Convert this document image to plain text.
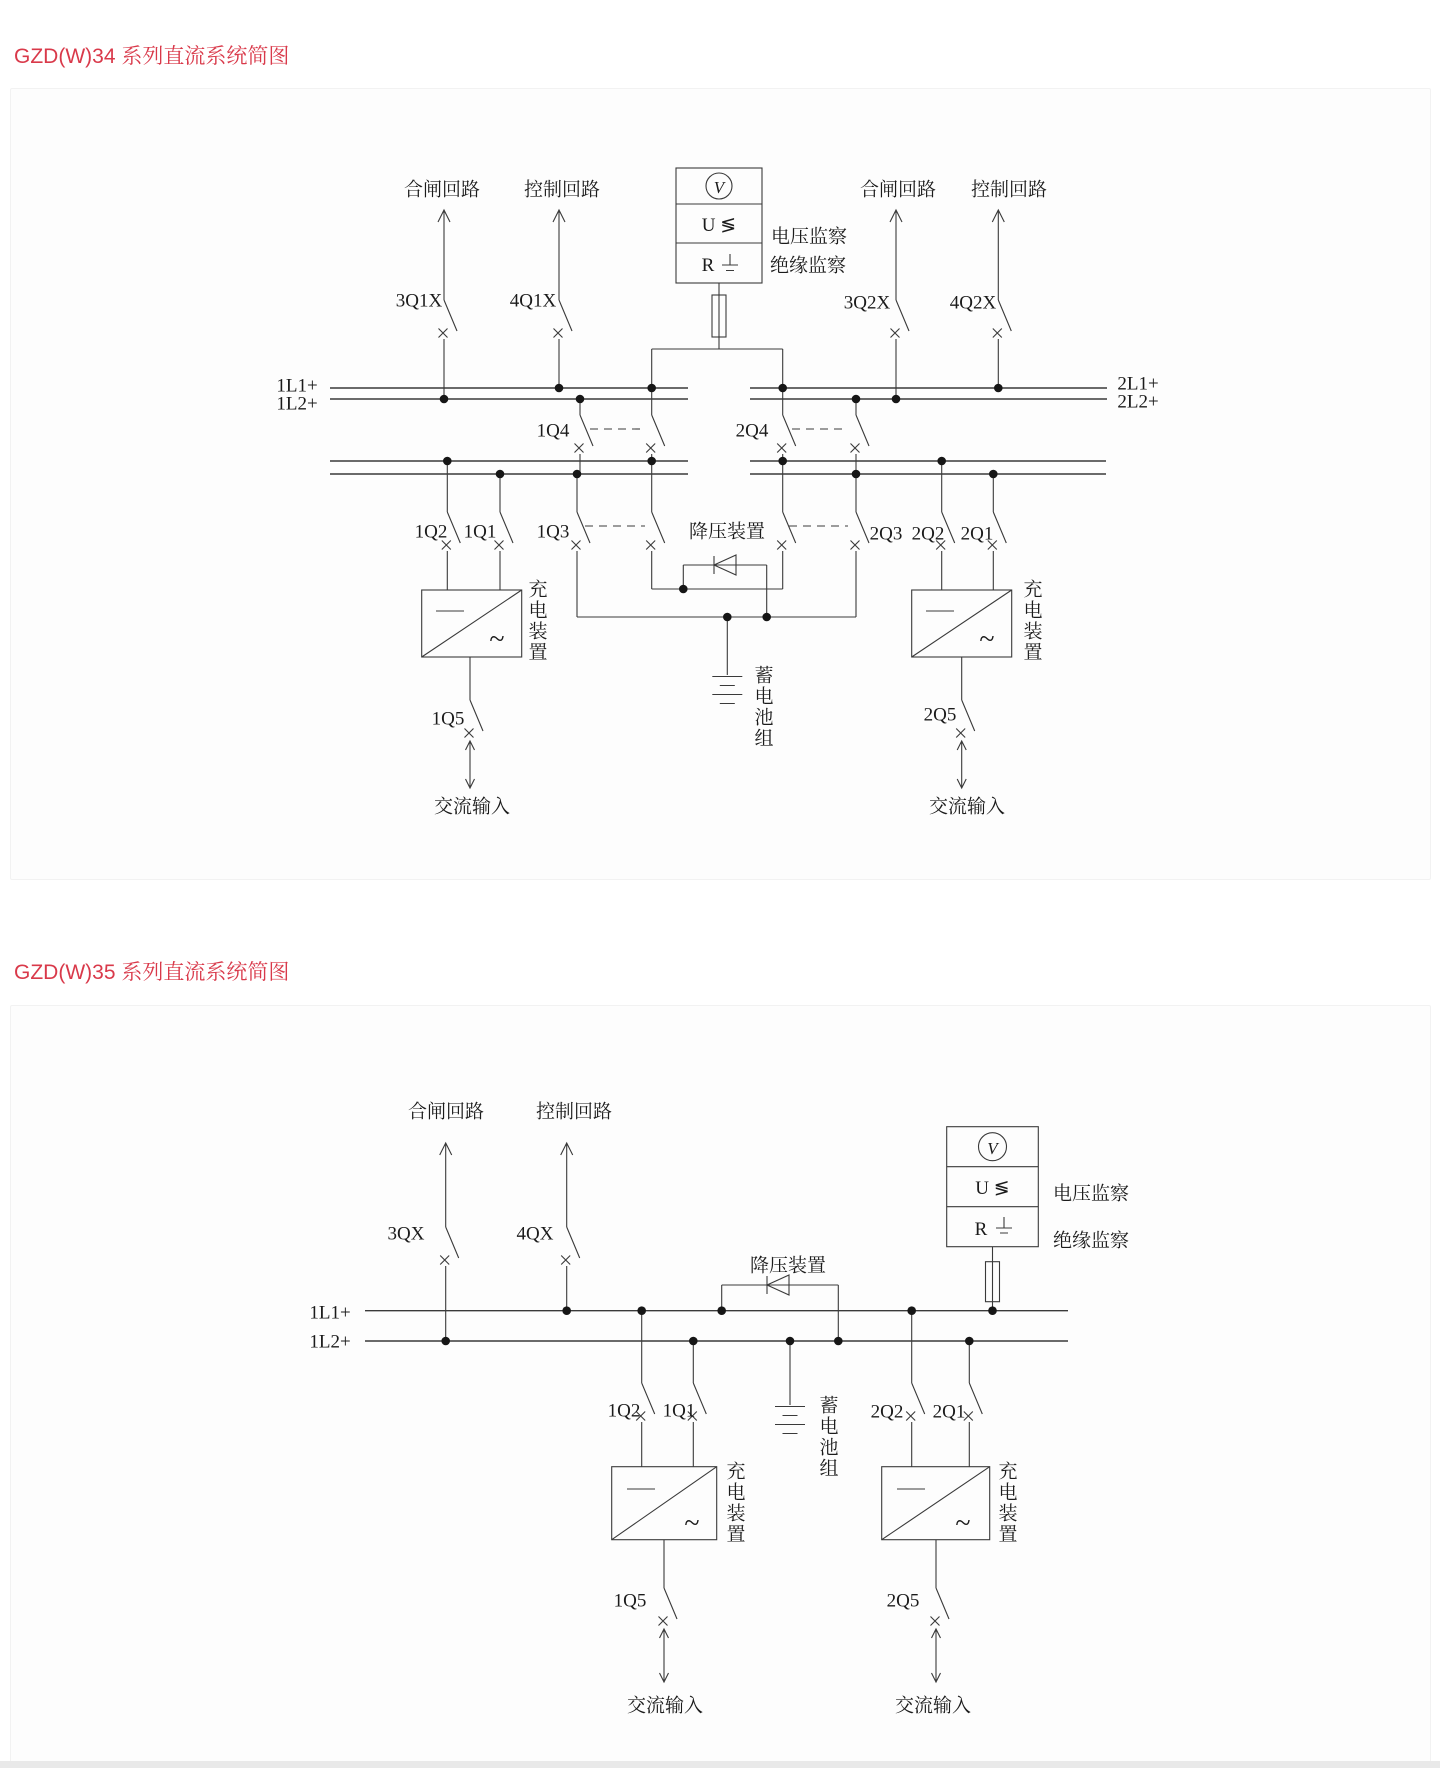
GZD(W)34 系列直流系统简图
GZD(W)35 系列直流系统简图
V
U ≶
R
~	~
V
U ≶
R
~	~
合闸回路 控制回路	合闸回路 控制回路
3Q1X	4Q1X	3Q2X	4Q2X
电压监察
绝缘监察
1L1+
1L2+
2L1+
2L2+
1Q4	2Q4
1Q3	2Q3
1Q2 1Q1	2Q2 2Q1
降压装置
充电装置	充电装置
蓄电池组
1Q5	2Q5
交流输入	交流输入
合闸回路	控制回路
3QX	4QX
1L1+
1L2+
降压装置
电压监察
绝缘监察
1Q2 1Q1	2Q2 2Q1
蓄电池组
充电装置	充电装置
1Q5	2Q5
交流输入	交流输入
